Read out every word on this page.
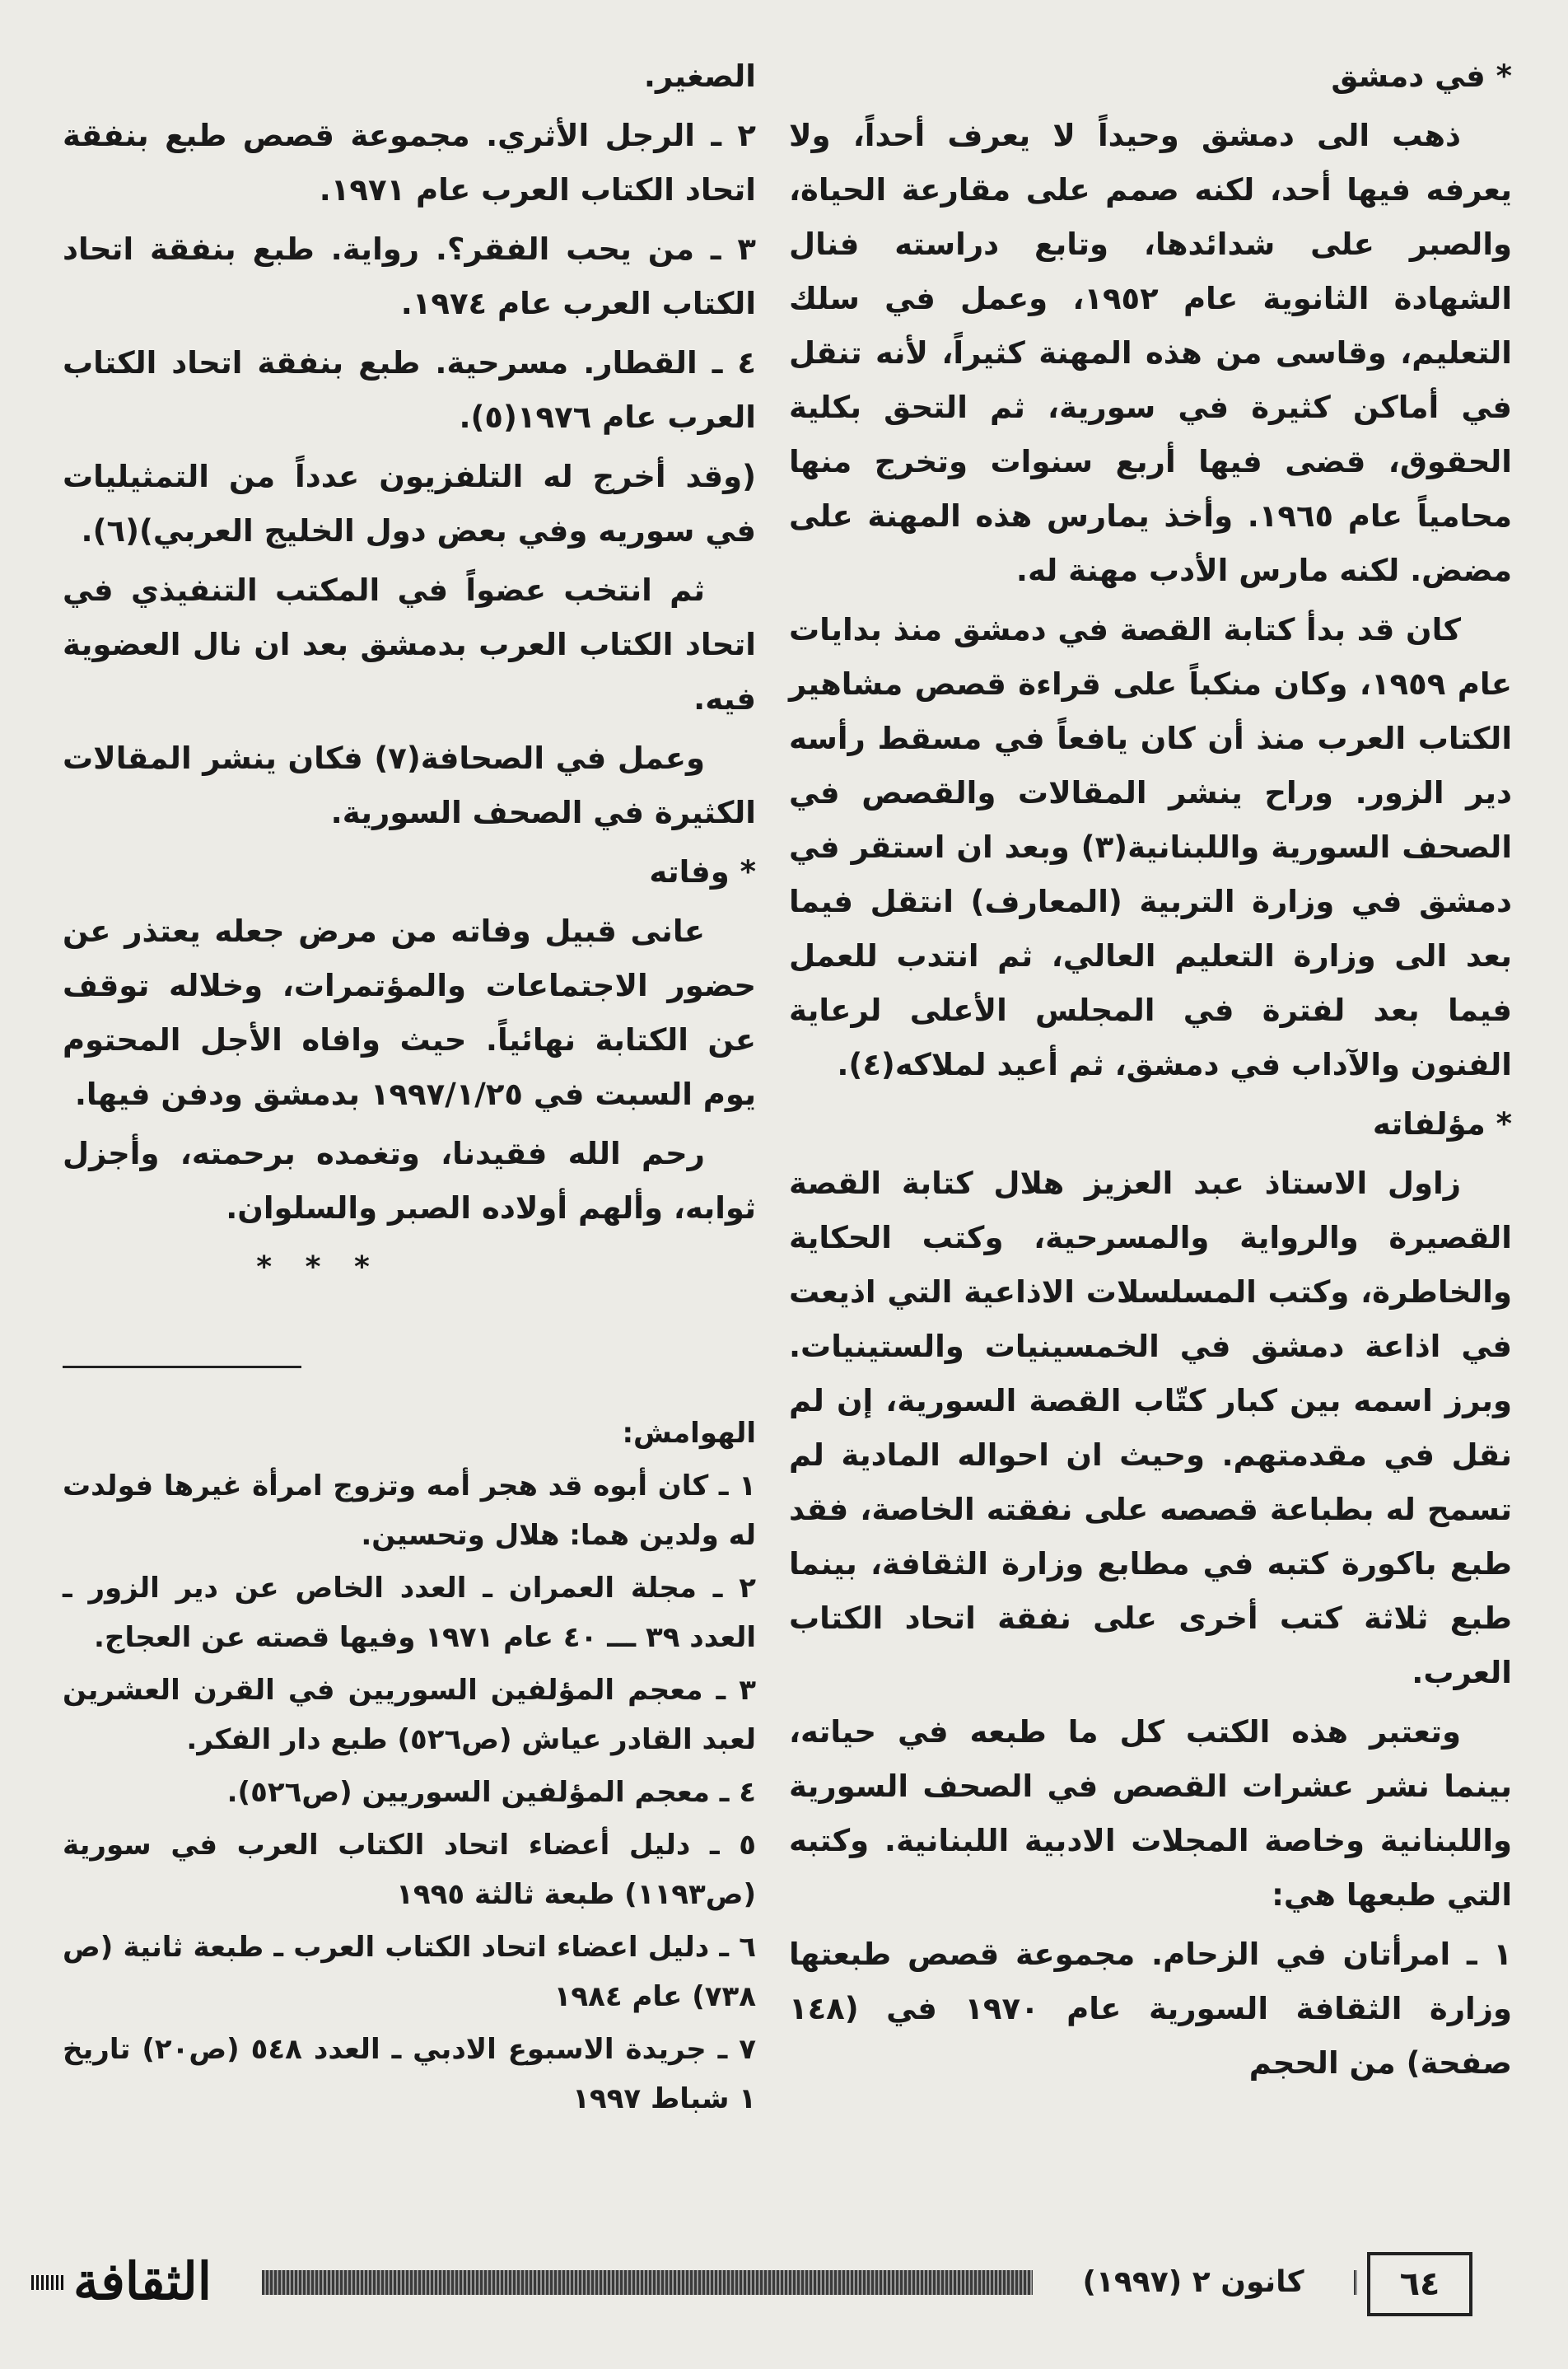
* في دمشق

ذهب الى دمشق وحيداً لا يعرف أحداً، ولا يعرفه فيها أحد، لكنه صمم على مقارعة الحياة، والصبر على شدائدها، وتابع دراسته فنال الشهادة الثانوية عام ١٩٥٢، وعمل في سلك التعليم، وقاسى من هذه المهنة كثيراً، لأنه تنقل في أماكن كثيرة في سورية، ثم التحق بكلية الحقوق، قضى فيها أربع سنوات وتخرج منها محامياً عام ١٩٦٥. وأخذ يمارس هذه المهنة على مضض. لكنه مارس الأدب مهنة له.

كان قد بدأ كتابة القصة في دمشق منذ بدايات عام ١٩٥٩، وكان منكباً على قراءة قصص مشاهير الكتاب العرب منذ أن كان يافعاً في مسقط رأسه دير الزور. وراح ينشر المقالات والقصص في الصحف السورية واللبنانية(٣) وبعد ان استقر في دمشق في وزارة التربية (المعارف) انتقل فيما بعد الى وزارة التعليم العالي، ثم انتدب للعمل فيما بعد لفترة في المجلس الأعلى لرعاية الفنون والآداب في دمشق، ثم أعيد لملاكه(٤).

* مؤلفاته

زاول الاستاذ عبد العزيز هلال كتابة القصة القصيرة والرواية والمسرحية، وكتب الحكاية والخاطرة، وكتب المسلسلات الاذاعية التي اذيعت في اذاعة دمشق في الخمسينيات والستينيات. وبرز اسمه بين كبار كتّاب القصة السورية، إن لم نقل في مقدمتهم. وحيث ان احواله المادية لم تسمح له بطباعة قصصه على نفقته الخاصة، فقد طبع باكورة كتبه في مطابع وزارة الثقافة، بينما طبع ثلاثة كتب أخرى على نفقة اتحاد الكتاب العرب.

وتعتبر هذه الكتب كل ما طبعه في حياته، بينما نشر عشرات القصص في الصحف السورية واللبنانية وخاصة المجلات الادبية اللبنانية. وكتبه التي طبعها هي:

١ ـ امرأتان في الزحام. مجموعة قصص طبعتها وزارة الثقافة السورية عام ١٩٧٠ في (١٤٨ صفحة) من الحجم

الصغير.

٢ ـ الرجل الأثري. مجموعة قصص طبع بنفقة اتحاد الكتاب العرب عام ١٩٧١.

٣ ـ من يحب الفقر؟. رواية. طبع بنفقة اتحاد الكتاب العرب عام ١٩٧٤.

٤ ـ القطار. مسرحية. طبع بنفقة اتحاد الكتاب العرب عام ١٩٧٦(٥).

(وقد أخرج له التلفزيون عدداً من التمثيليات في سوريه وفي بعض دول الخليج العربي)(٦).

ثم انتخب عضواً في المكتب التنفيذي في اتحاد الكتاب العرب بدمشق بعد ان نال العضوية فيه.

وعمل في الصحافة(٧) فكان ينشر المقالات الكثيرة في الصحف السورية.

* وفاته

عانى قبيل وفاته من مرض جعله يعتذر عن حضور الاجتماعات والمؤتمرات، وخلاله توقف عن الكتابة نهائياً. حيث وافاه الأجل المحتوم يوم السبت في ١٩٩٧/١/٢٥ بدمشق ودفن فيها.

رحم الله فقيدنا، وتغمده برحمته، وأجزل ثوابه، وألهم أولاده الصبر والسلوان.

* * *

الهوامش:

١ ـ كان أبوه قد هجر أمه وتزوج امرأة غيرها فولدت له ولدين هما: هلال وتحسين.

٢ ـ مجلة العمران ـ العدد الخاص عن دير الزور ـ العدد ٣٩ ـــ ٤٠ عام ١٩٧١ وفيها قصته عن العجاج.

٣ ـ معجم المؤلفين السوريين في القرن العشرين لعبد القادر عياش (ص٥٢٦) طبع دار الفكر.

٤ ـ معجم المؤلفين السوريين (ص٥٢٦).

٥ ـ دليل أعضاء اتحاد الكتاب العرب في سورية (ص١١٩٣) طبعة ثالثة ١٩٩٥

٦ ـ دليل اعضاء اتحاد الكتاب العرب ـ طبعة ثانية (ص ٧٣٨) عام ١٩٨٤

٧ ـ جريدة الاسبوع الادبي ـ العدد ٥٤٨ (ص٢٠) تاريخ ١ شباط ١٩٩٧

الثقافة	كانون ٢ (١٩٩٧)	٦٤
